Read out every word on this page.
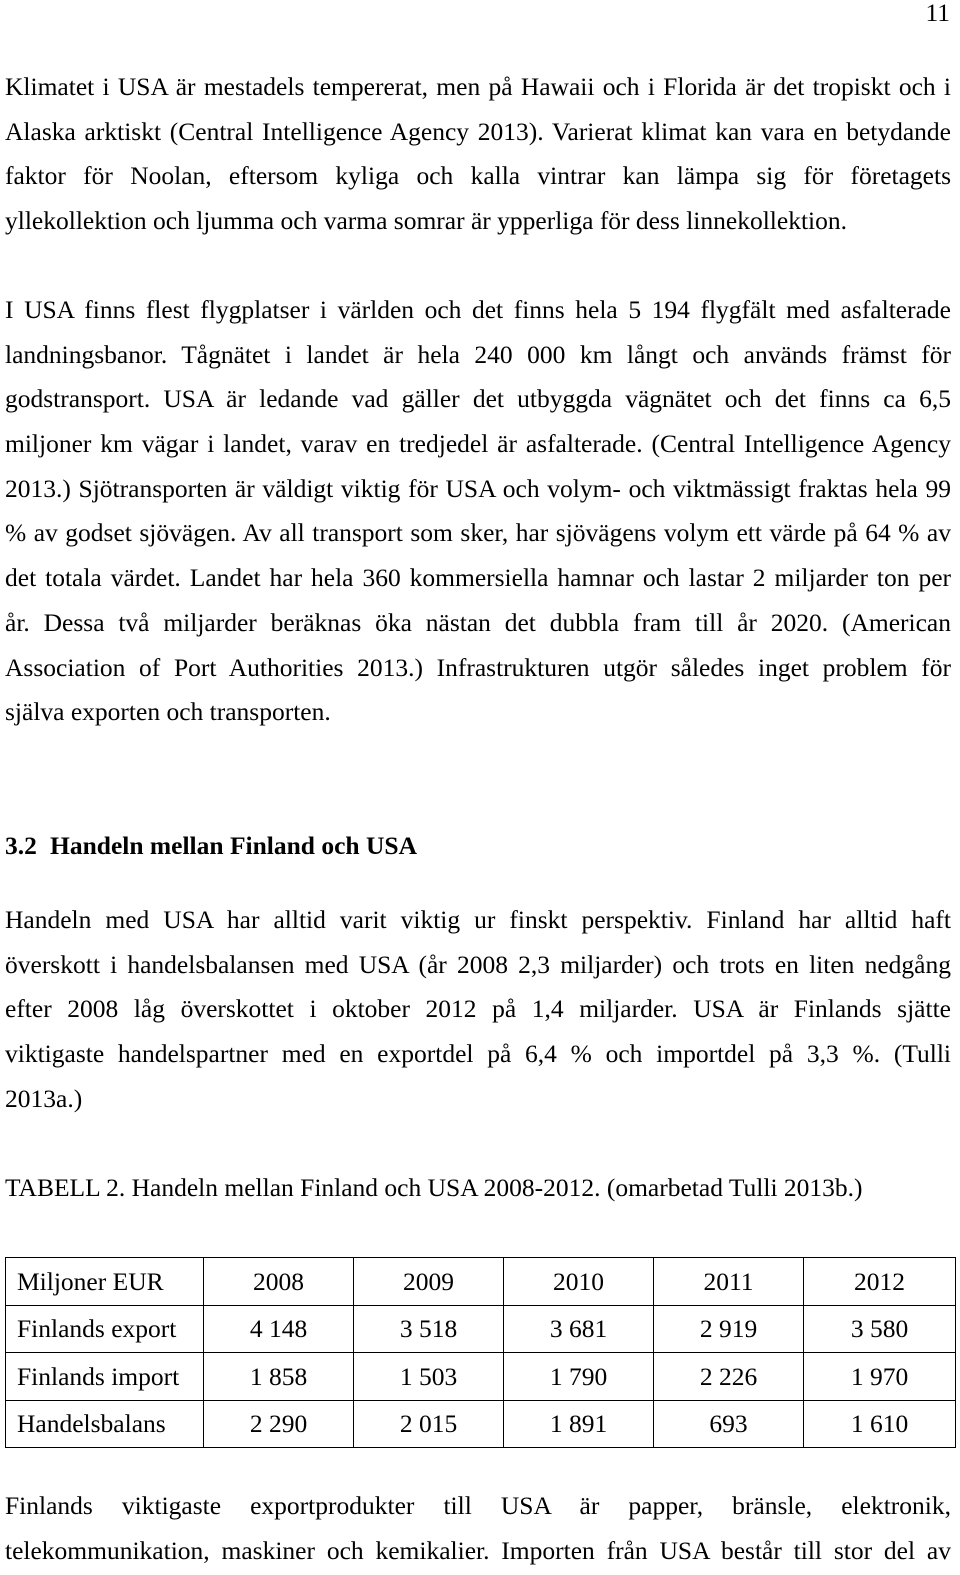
11
Klimatet i USA är mestadels tempererat, men på Hawaii och i Florida är det tropiskt och i
Alaska arktiskt (Central Intelligence Agency 2013). Varierat klimat kan vara en betydande
faktor för Noolan, eftersom kyliga och kalla vintrar kan lämpa sig för företagets
yllekollektion och ljumma och varma somrar är ypperliga för dess linnekollektion.
I USA finns flest flygplatser i världen och det finns hela 5 194 flygfält med asfalterade
landningsbanor. Tågnätet i landet är hela 240 000 km långt och används främst för
godstransport. USA är ledande vad gäller det utbyggda vägnätet och det finns ca 6,5
miljoner km vägar i landet, varav en tredjedel är asfalterade. (Central Intelligence Agency
2013.) Sjötransporten är väldigt viktig för USA och volym- och viktmässigt fraktas hela 99
% av godset sjövägen. Av all transport som sker, har sjövägens volym ett värde på 64 % av
det totala värdet. Landet har hela 360 kommersiella hamnar och lastar 2 miljarder ton per
år. Dessa två miljarder beräknas öka nästan det dubbla fram till år 2020. (American
Association of Port Authorities 2013.) Infrastrukturen utgör således inget problem för
själva exporten och transporten.
3.2 Handeln mellan Finland och USA
Handeln med USA har alltid varit viktig ur finskt perspektiv. Finland har alltid haft
överskott i handelsbalansen med USA (år 2008 2,3 miljarder) och trots en liten nedgång
efter 2008 låg överskottet i oktober 2012 på 1,4 miljarder. USA är Finlands sjätte
viktigaste handelspartner med en exportdel på 6,4 % och importdel på 3,3 %. (Tulli
2013a.)
TABELL 2. Handeln mellan Finland och USA 2008-2012. (omarbetad Tulli 2013b.)
Miljoner EUR	2008	2009	2010	2011	2012
Finlands export	4 148	3 518	3 681	2 919	3 580
Finlands import	1 858	1 503	1 790	2 226	1 970
Handelsbalans	2 290	2 015	1 891	693	1 610
Finlands viktigaste exportprodukter till USA är papper, bränsle, elektronik,
telekommunikation, maskiner och kemikalier. Importen från USA består till stor del av
